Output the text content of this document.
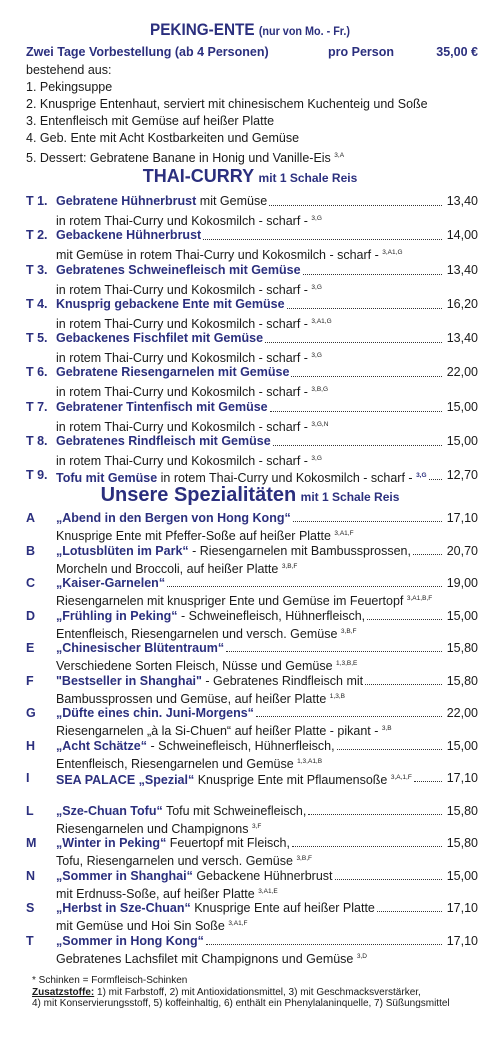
PEKING-ENTE (nur von Mo. - Fr.)
Zwei Tage Vorbestellung (ab 4 Personen)	pro Person	35,00 €
bestehend aus:
1. Pekingsuppe
2. Knusprige Entenhaut, serviert mit chinesischem Kuchenteig und Soße
3. Entenfleisch mit Gemüse auf heißer Platte
4. Geb. Ente mit Acht Kostbarkeiten und Gemüse
5. Dessert: Gebratene Banane in Honig und Vanille-Eis $^{3,A}$
THAI-CURRY mit 1 Schale Reis
T 1. Gebratene Hühnerbrust mit Gemüse	13,40
in rotem Thai-Curry und Kokosmilch - scharf - $^{3,G}$
T 2. Gebackene Hühnerbrust	14,00
mit Gemüse in rotem Thai-Curry und Kokosmilch - scharf - $^{3,A1,G}$
T 3. Gebratenes Schweinefleisch mit Gemüse	13,40
in rotem Thai-Curry und Kokosmilch - scharf - $^{3,G}$
T 4. Knusprig gebackene Ente mit Gemüse	16,20
in rotem Thai-Curry und Kokosmilch - scharf - $^{3,A1,G}$
T 5. Gebackenes Fischfilet mit Gemüse	13,40
in rotem Thai-Curry und Kokosmilch - scharf - $^{3,G}$
T 6. Gebratene Riesengarnelen mit Gemüse	22,00
in rotem Thai-Curry und Kokosmilch - scharf - $^{3,B,G}$
T 7. Gebratener Tintenfisch mit Gemüse	15,00
in rotem Thai-Curry und Kokosmilch - scharf - $^{3,G,N}$
T 8. Gebratenes Rindfleisch mit Gemüse	15,00
in rotem Thai-Curry und Kokosmilch - scharf - $^{3,G}$
T 9. Tofu mit Gemüse in rotem Thai-Curry und Kokosmilch - scharf - $^{3,G}$ 12,70
Unsere Spezialitäten mit 1 Schale Reis
A	„Abend in den Bergen von Hong Kong“	17,10
Knusprige Ente mit Pfeffer-Soße auf heißer Platte $^{3,A1,F}$
B	„Lotusblüten im Park“ - Riesengarnelen mit Bambussprossen,	20,70
Morcheln und Broccoli, auf heißer Platte $^{3,B,F}$
C	„Kaiser-Garnelen“	19,00
Riesengarnelen mit knuspriger Ente und Gemüse im Feuertopf $^{3,A1,B,F}$
D	„Frühling in Peking“ - Schweinefleisch, Hühnerfleisch,	15,00
Entenfleisch, Riesengarnelen und versch. Gemüse $^{3,B,F}$
E	„Chinesischer Blütentraum“	15,80
Verschiedene Sorten Fleisch, Nüsse und Gemüse $^{1,3,B,E}$
F	"Bestseller in Shanghai" - Gebratenes Rindfleisch mit	15,80
Bambussprossen und Gemüse, auf heißer Platte $^{1,3,B}$
G	„Düfte eines chin. Juni-Morgens“	22,00
Riesengarnelen „à la Si-Chuen“ auf heißer Platte - pikant - $^{3,B}$
H	„Acht Schätze“ - Schweinefleisch, Hühnerfleisch,	15,00
Entenfleisch, Riesengarnelen und Gemüse $^{1,3,A1,B}$
I	SEA PALACE „Spezial“ Knusprige Ente mit Pflaumensoße $^{3,A,1,F}$	17,10
L	„Sze-Chuan Tofu“ Tofu mit Schweinefleisch,	15,80
Riesengarnelen und Champignons $^{3,F}$
M	„Winter in Peking“ Feuertopf mit Fleisch,	15,80
Tofu, Riesengarnelen und versch. Gemüse $^{3,B,F}$
N	„Sommer in Shanghai“ Gebackene Hühnerbrust	15,00
mit Erdnuss-Soße, auf heißer Platte $^{3,A1,E}$
S	„Herbst in Sze-Chuan“ Knusprige Ente auf heißer Platte	17,10
mit Gemüse und Hoi Sin Soße $^{3,A1,F}$
T	„Sommer in Hong Kong“	17,10
Gebratenes Lachsfilet mit Champignons und Gemüse $^{3,D}$
* Schinken = Formfleisch-Schinken
Zusatzstoffe: 1) mit Farbstoff, 2) mit Antioxidationsmittel, 3) mit Geschmacksverstärker,
4) mit Konservierungsstoff, 5) koffeinhaltig, 6) enthält ein Phenylalaninquelle, 7) Süßungsmittel
